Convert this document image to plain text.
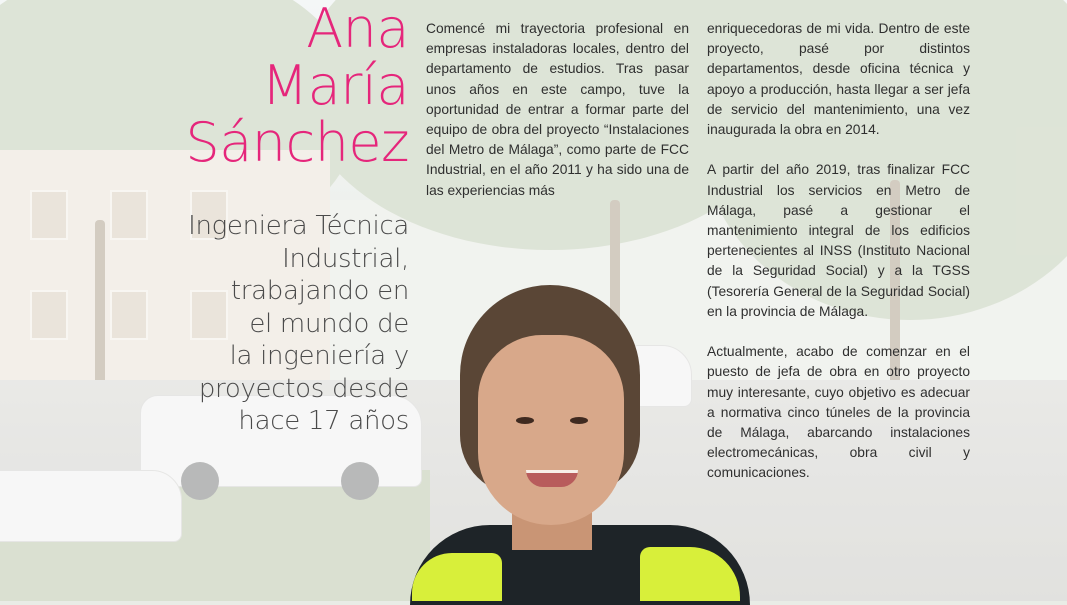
Ana
María
Sánchez
Ingeniera Técnica
Industrial,
trabajando en
el mundo de
la ingeniería y
proyectos desde
hace 17 años

Comencé mi trayectoria profesional en empresas instaladoras locales, dentro del departamento de estudios. Tras pasar unos años en este campo, tuve la oportunidad de entrar a formar parte del equipo de obra del proyecto “Instalaciones del Metro de Málaga”, como parte de FCC Industrial, en el año 2011 y ha sido una de las experiencias más

enriquecedoras de mi vida. Dentro de este proyecto, pasé por distintos departamentos, desde oficina técnica y apoyo a producción, hasta llegar a ser jefa de servicio del mantenimiento, una vez inaugurada la obra en 2014.

A partir del año 2019, tras finalizar FCC Industrial los servicios en Metro de Málaga, pasé a gestionar el mantenimiento integral de los edificios pertenecientes al INSS (Instituto Nacional de la Seguridad Social) y a la TGSS (Tesorería General de la Seguridad Social) en la provincia de Málaga.

Actualmente, acabo de comenzar en el puesto de jefa de obra en otro proyecto muy interesante, cuyo objetivo es adecuar a normativa cinco túneles de la provincia de Málaga, abarcando instalaciones electromecánicas, obra civil y comunicaciones.
